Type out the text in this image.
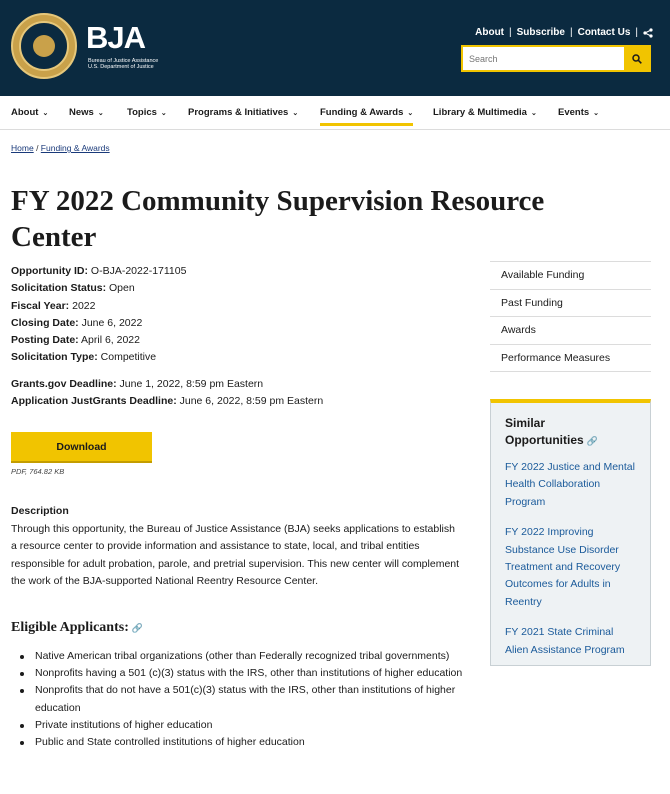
BJA
Bureau of Justice Assistance
U.S. Department of Justice
About | Subscribe | Contact Us |
Search
About ⌄ News ⌄ Topics ⌄ Programs & Initiatives ⌄ Funding & Awards ⌄ Library & Multimedia ⌄ Events ⌄
Home / Funding & Awards
FY 2022 Community Supervision Resource Center
Opportunity ID: O-BJA-2022-171105
Solicitation Status: Open
Fiscal Year: 2022
Closing Date: June 6, 2022
Posting Date: April 6, 2022
Solicitation Type: Competitive
Grants.gov Deadline: June 1, 2022, 8:59 pm Eastern
Application JustGrants Deadline: June 6, 2022, 8:59 pm Eastern
Download
PDF, 764.82 KB
Description
Through this opportunity, the Bureau of Justice Assistance (BJA) seeks applications to establish a resource center to provide information and assistance to state, local, and tribal entities responsible for adult probation, parole, and pretrial supervision. This new center will complement the work of the BJA-supported National Reentry Resource Center.
Eligible Applicants: 🔗
Native American tribal organizations (other than Federally recognized tribal governments)
Nonprofits having a 501 (c)(3) status with the IRS, other than institutions of higher education
Nonprofits that do not have a 501(c)(3) status with the IRS, other than institutions of higher education
Private institutions of higher education
Public and State controlled institutions of higher education
Available Funding
Past Funding
Awards
Performance Measures
Similar Opportunities 🔗
FY 2022 Justice and Mental Health Collaboration Program
FY 2022 Improving Substance Use Disorder Treatment and Recovery Outcomes for Adults in Reentry
FY 2021 State Criminal Alien Assistance Program
